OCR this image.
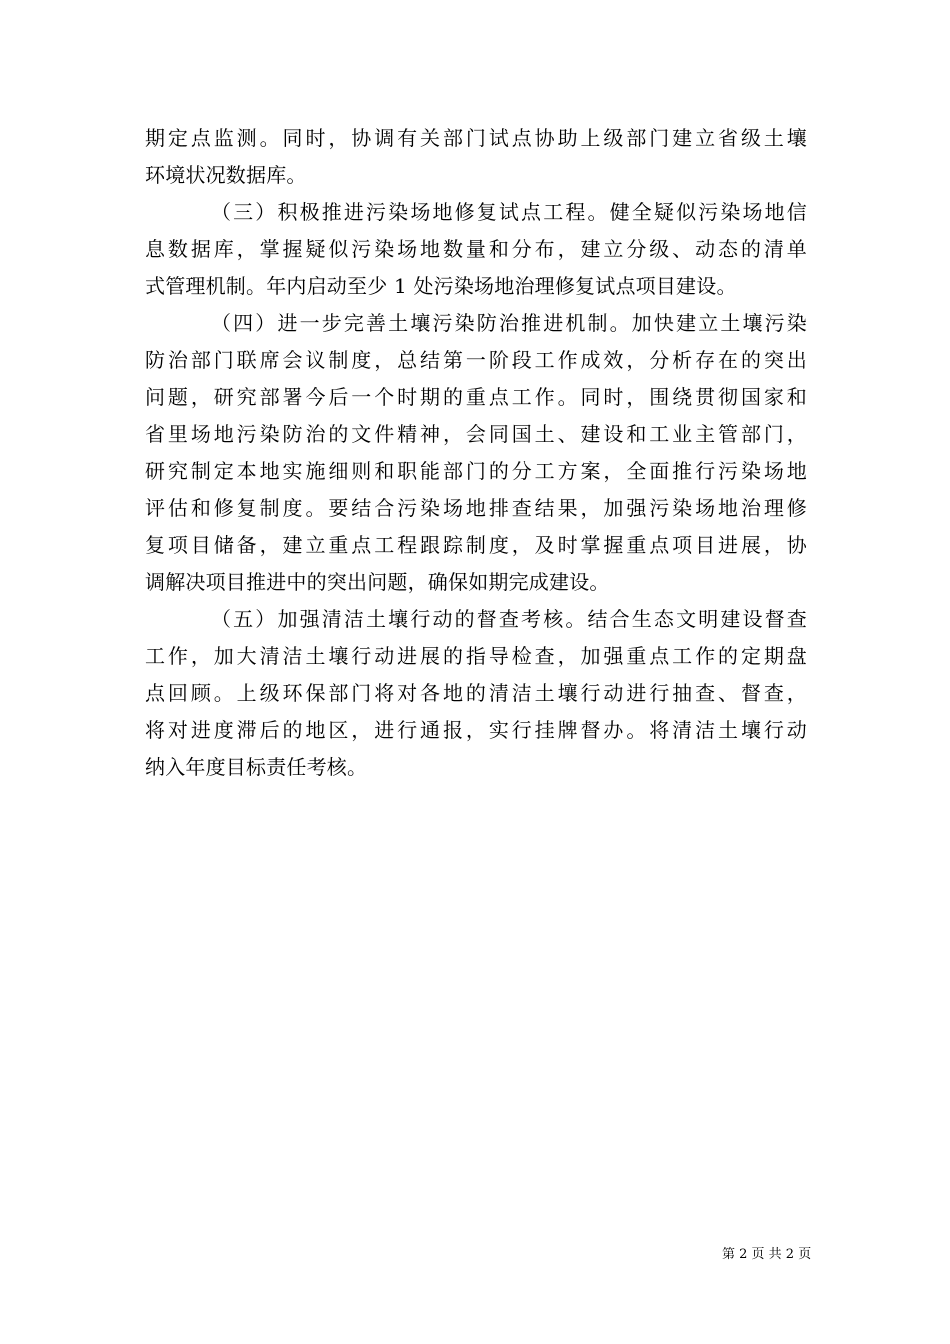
期定点监测。同时，协调有关部门试点协助上级部门建立省级土壤
环境状况数据库。
（三）积极推进污染场地修复试点工程。健全疑似污染场地信
息数据库，掌握疑似污染场地数量和分布，建立分级、动态的清单
式管理机制。年内启动至少 1 处污染场地治理修复试点项目建设。
（四）进一步完善土壤污染防治推进机制。加快建立土壤污染
防治部门联席会议制度，总结第一阶段工作成效，分析存在的突出
问题，研究部署今后一个时期的重点工作。同时，围绕贯彻国家和
省里场地污染防治的文件精神，会同国土、建设和工业主管部门，
研究制定本地实施细则和职能部门的分工方案，全面推行污染场地
评估和修复制度。要结合污染场地排查结果，加强污染场地治理修
复项目储备，建立重点工程跟踪制度，及时掌握重点项目进展，协
调解决项目推进中的突出问题，确保如期完成建设。
（五）加强清洁土壤行动的督查考核。结合生态文明建设督查
工作，加大清洁土壤行动进展的指导检查，加强重点工作的定期盘
点回顾。上级环保部门将对各地的清洁土壤行动进行抽查、督查，
将对进度滞后的地区，进行通报，实行挂牌督办。将清洁土壤行动
纳入年度目标责任考核。
第 2 页 共 2 页
